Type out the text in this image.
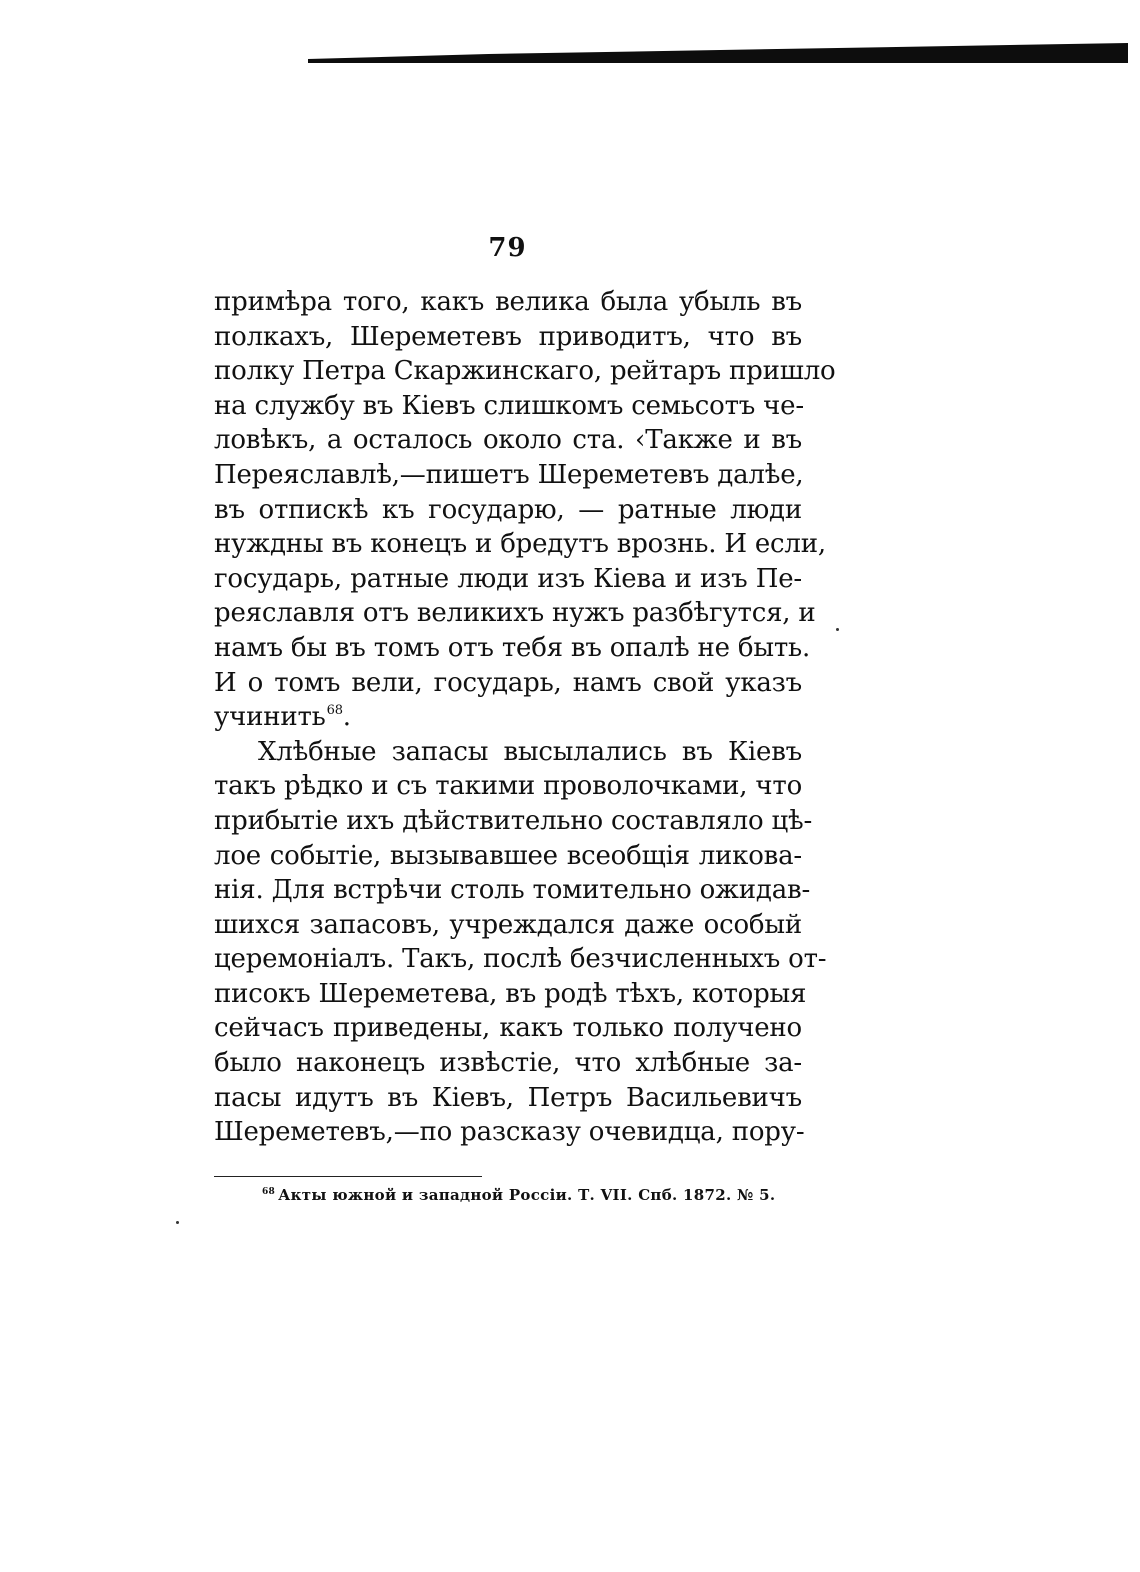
79
примѣра того, какъ велика была убыль въ
полкахъ, Шереметевъ приводитъ, что въ
полку Петра Скаржинскаго, рейтаръ пришло
на службу въ Кіевъ слишкомъ семьсотъ че-
ловѣкъ, а осталось около ста. ‹Также и въ
Переяславлѣ,—пишетъ Шереметевъ далѣе,
въ отпискѣ къ государю, — ратные люди
нуждны въ конецъ и бредутъ врознь. И если,
государь, ратные люди изъ Кіева и изъ Пе-
реяславля отъ великихъ нужъ разбѣгутся, и
намъ бы въ томъ отъ тебя въ опалѣ не быть.
И о томъ вели, государь, намъ свой указъ
учинить$^{68}$.
Хлѣбные запасы высылались въ Кіевъ
такъ рѣдко и съ такими проволочками, что
прибытіе ихъ дѣйствительно составляло цѣ-
лое событіе, вызывавшее всеобщія ликова-
нія. Для встрѣчи столь томительно ожидав-
шихся запасовъ, учреждался даже особый
церемоніалъ. Такъ, послѣ безчисленныхъ от-
писокъ Шереметева, въ родѣ тѣхъ, которыя
сейчасъ приведены, какъ только получено
было наконецъ извѣстіе, что хлѣбные за-
пасы идутъ въ Кіевъ, Петръ Васильевичъ
Шереметевъ,—по разсказу очевидца, пору-
$^{68}$ Акты южной и западной Россіи. Т. VII. Спб. 1872. № 5.
